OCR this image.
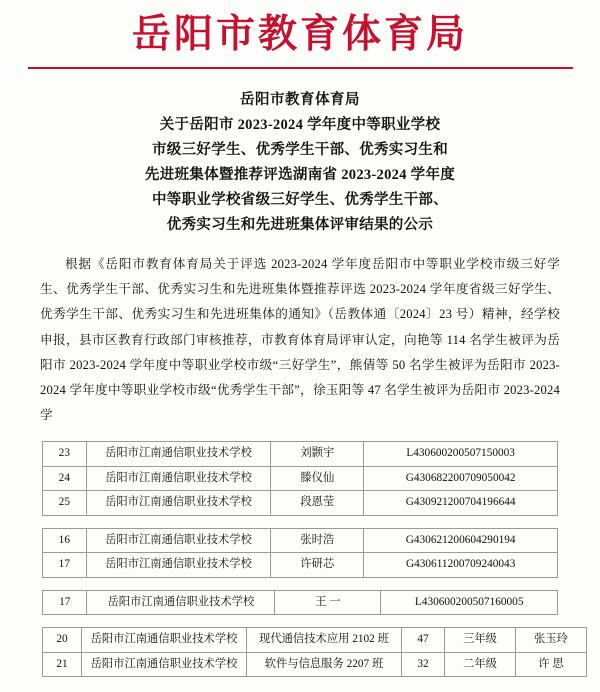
岳阳市教育体育局
岳阳市教育体育局
关于岳阳市 2023-2024 学年度中等职业学校
市级三好学生、优秀学生干部、优秀实习生和
先进班集体暨推荐评选湖南省 2023-2024 学年度
中等职业学校省级三好学生、优秀学生干部、
优秀实习生和先进班集体评审结果的公示

根据《岳阳市教育体育局关于评选 2023-2024 学年度岳阳市中等职业学校市级三好学生、优秀学生干部、优秀实习生和先进班集体暨推荐评选 2023-2024 学年度省级三好学生、优秀学生干部、优秀实习生和先进班集体的通知》（岳教体通〔2024〕23 号）精神，经学校申报，县市区教育行政部门审核推荐，市教育体育局评审认定，向艳等 114 名学生被评为岳阳市 2023-2024 学年度中等职业学校市级“三好学生”，熊倩等 50 名学生被评为岳阳市 2023-2024 学年度中等职业学校市级“优秀学生干部”，徐玉阳等 47 名学生被评为岳阳市 2023-2024 学

23	岳阳市江南通信职业技术学校	刘颢宇	L430600200507150003
24	岳阳市江南通信职业技术学校	滕仪仙	G430682200709050042
25	岳阳市江南通信职业技术学校	段恩莹	G430921200704196644
16	岳阳市江南通信职业技术学校	张时浩	G430621200604290194
17	岳阳市江南通信职业技术学校	许研芯	G430611200709240043
17	岳阳市江南通信职业技术学校	王 一	L430600200507160005
20	岳阳市江南通信职业技术学校	现代通信技术应用 2102 班	47	三年级	张玉玲
21	岳阳市江南通信职业技术学校	软件与信息服务 2207 班	32	二年级	许 思
